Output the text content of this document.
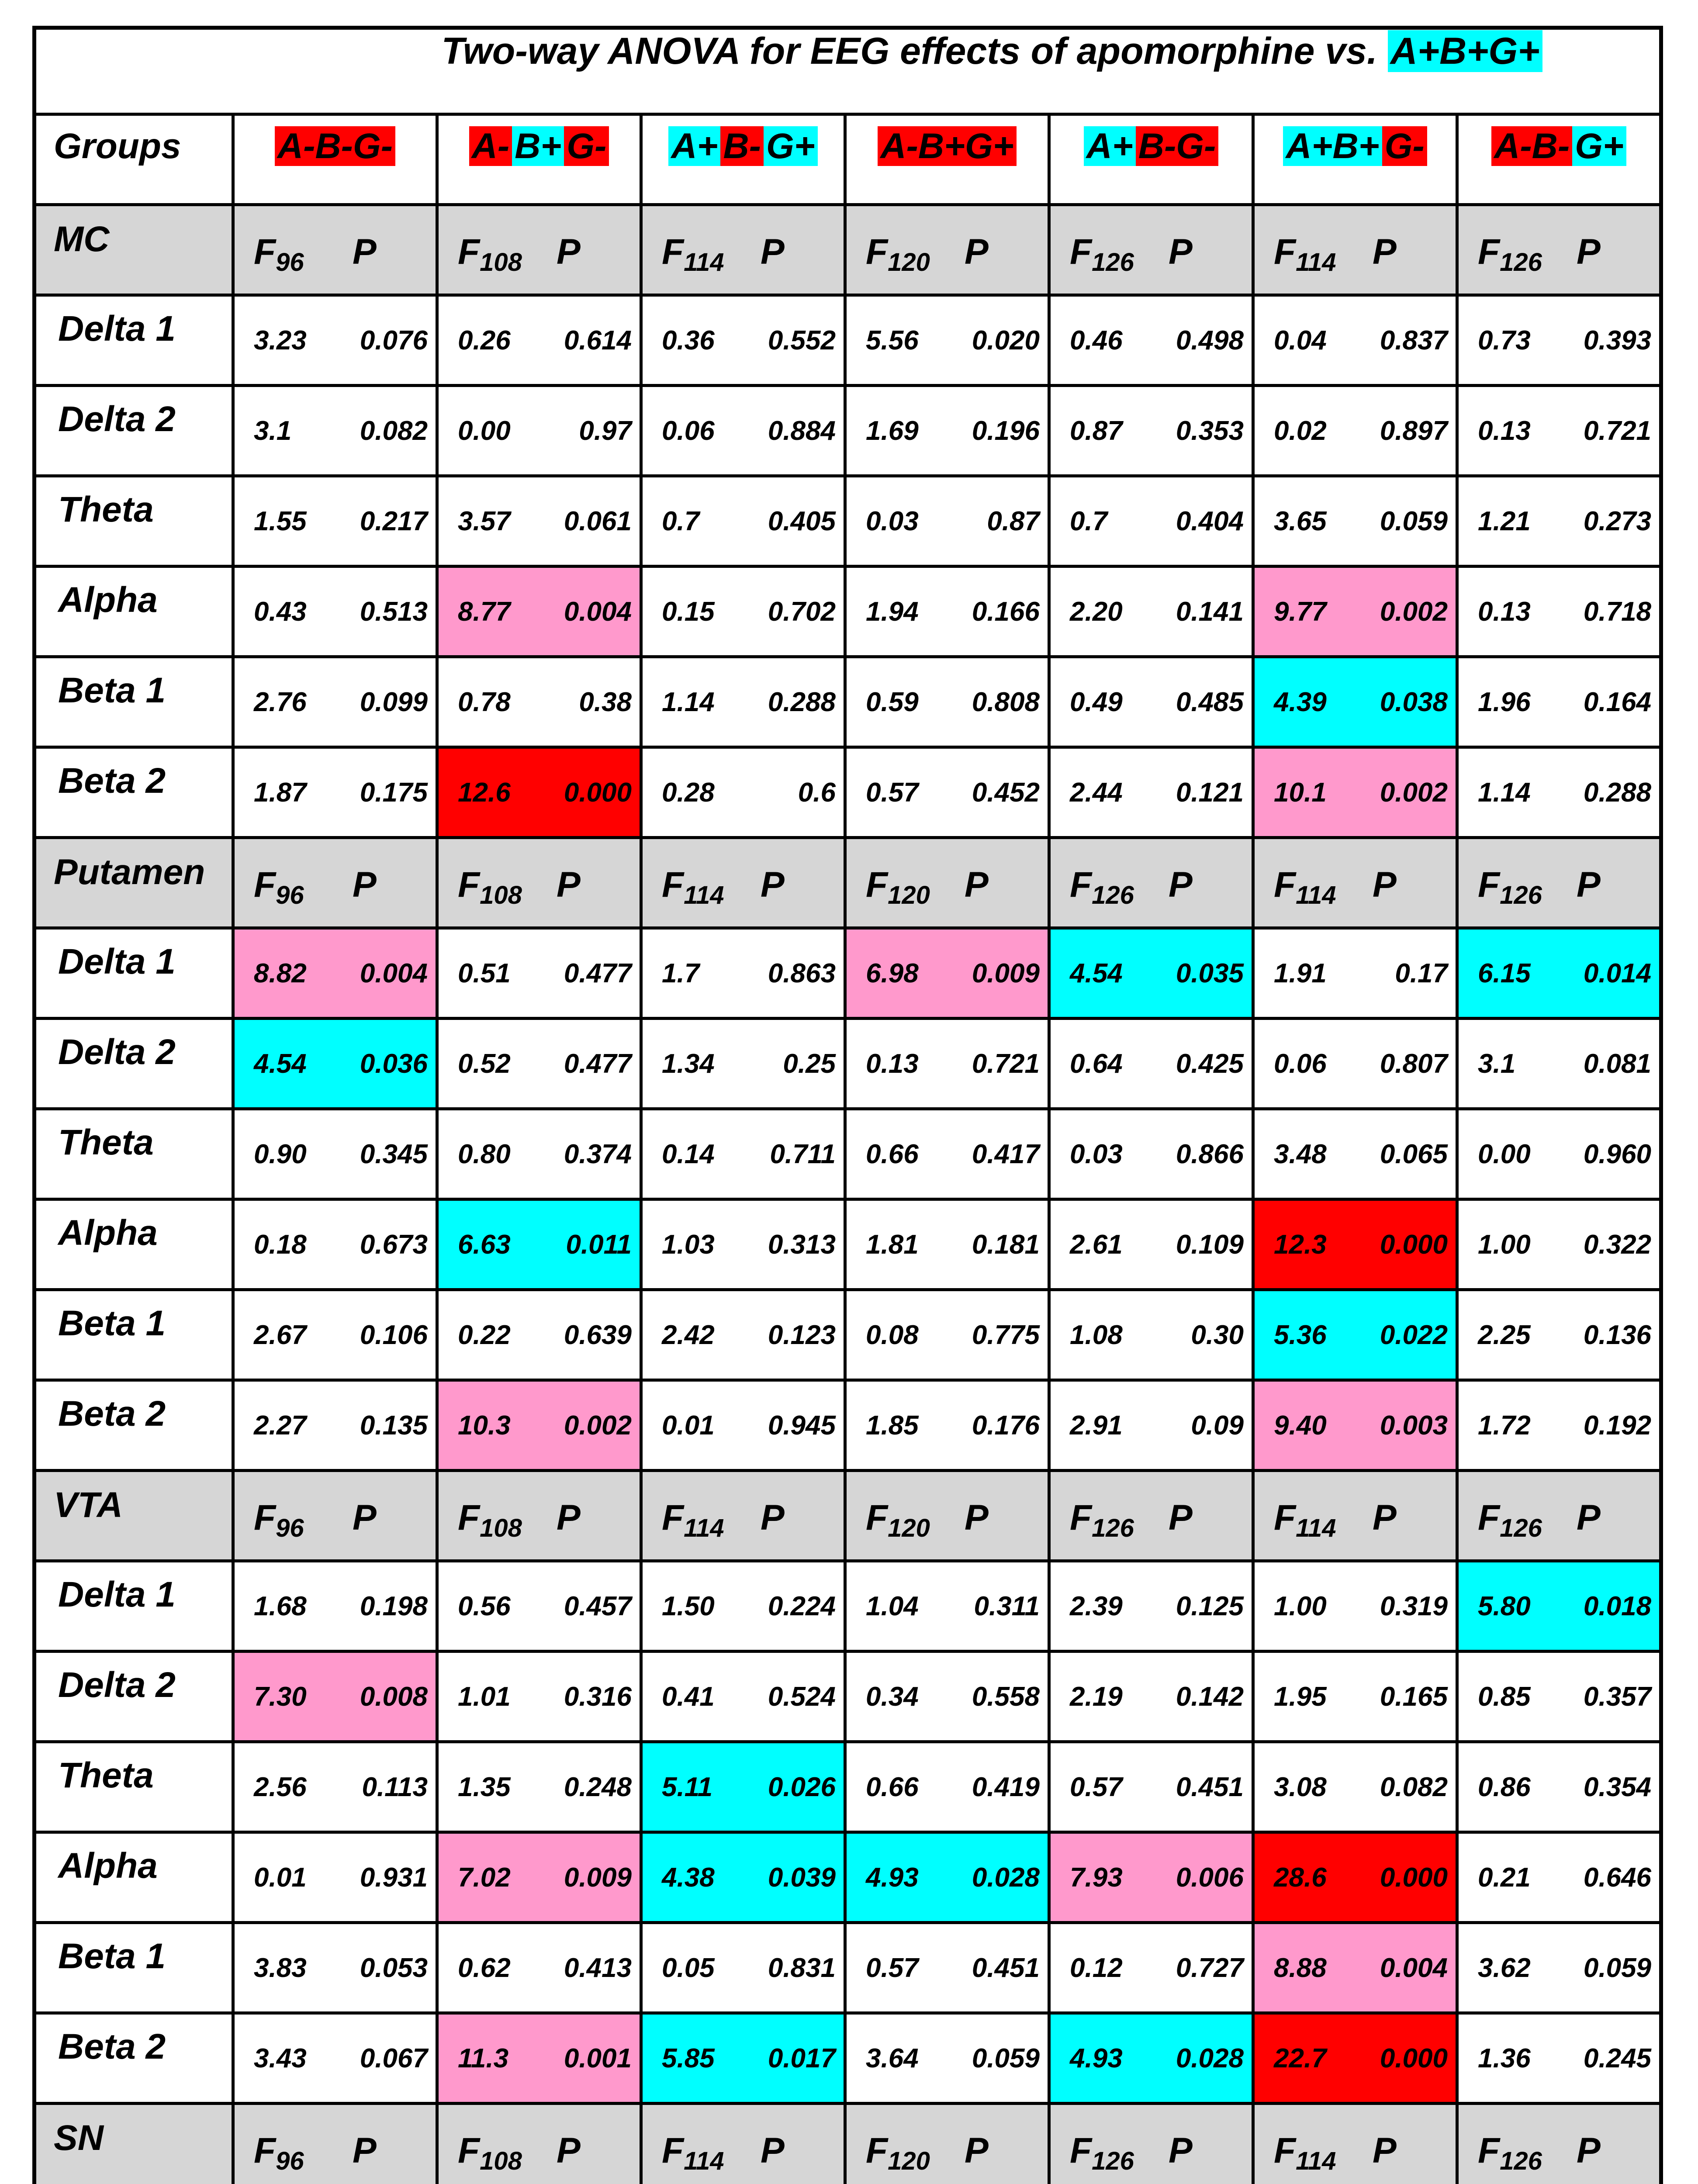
Two-way ANOVA for EEG effects of apomorphine vs. A+B+G+							
Groups	A-B-G-	A- B+ G-	A+ B- G+	A-B+G+	A+ B-G-	A+B+ G-	A-B- G+
MC	$F_{96}$ P	$F_{108}$ P	$F_{114}$ P	$F_{120}$ P	$F_{126}$ P	$F_{114}$ P	$F_{126}$ P

Delta 1	3.23 0.076	0.26 0.614	0.36 0.552	5.56 0.020	0.46 0.498	0.04 0.837	0.73 0.393

Delta 2	3.1 0.082	0.00 0.97	0.06 0.884	1.69 0.196	0.87 0.353	0.02 0.897	0.13 0.721

Theta	1.55 0.217	3.57 0.061	0.7 0.405	0.03 0.87	0.7 0.404	3.65 0.059	1.21 0.273

Alpha	0.43 0.513	8.77 0.004	0.15 0.702	1.94 0.166	2.20 0.141	9.77 0.002	0.13 0.718

Beta 1	2.76 0.099	0.78 0.38	1.14 0.288	0.59 0.808	0.49 0.485	4.39 0.038	1.96 0.164

Beta 2	1.87 0.175	12.6 0.000	0.28 0.6	0.57 0.452	2.44 0.121	10.1 0.002	1.14 0.288

Putamen	$F_{96}$ P	$F_{108}$ P	$F_{114}$ P	$F_{120}$ P	$F_{126}$ P	$F_{114}$ P	$F_{126}$ P

Delta 1	8.82 0.004	0.51 0.477	1.7 0.863	6.98 0.009	4.54 0.035	1.91 0.17	6.15 0.014

Delta 2	4.54 0.036	0.52 0.477	1.34 0.25	0.13 0.721	0.64 0.425	0.06 0.807	3.1 0.081

Theta	0.90 0.345	0.80 0.374	0.14 0.711	0.66 0.417	0.03 0.866	3.48 0.065	0.00 0.960

Alpha	0.18 0.673	6.63 0.011	1.03 0.313	1.81 0.181	2.61 0.109	12.3 0.000	1.00 0.322

Beta 1	2.67 0.106	0.22 0.639	2.42 0.123	0.08 0.775	1.08 0.30	5.36 0.022	2.25 0.136

Beta 2	2.27 0.135	10.3 0.002	0.01 0.945	1.85 0.176	2.91 0.09	9.40 0.003	1.72 0.192

VTA	$F_{96}$ P	$F_{108}$ P	$F_{114}$ P	$F_{120}$ P	$F_{126}$ P	$F_{114}$ P	$F_{126}$ P

Delta 1	1.68 0.198	0.56 0.457	1.50 0.224	1.04 0.311	2.39 0.125	1.00 0.319	5.80 0.018

Delta 2	7.30 0.008	1.01 0.316	0.41 0.524	0.34 0.558	2.19 0.142	1.95 0.165	0.85 0.357

Theta	2.56 0.113	1.35 0.248	5.11 0.026	0.66 0.419	0.57 0.451	3.08 0.082	0.86 0.354

Alpha	0.01 0.931	7.02 0.009	4.38 0.039	4.93 0.028	7.93 0.006	28.6 0.000	0.21 0.646

Beta 1	3.83 0.053	0.62 0.413	0.05 0.831	0.57 0.451	0.12 0.727	8.88 0.004	3.62 0.059

Beta 2	3.43 0.067	11.3 0.001	5.85 0.017	3.64 0.059	4.93 0.028	22.7 0.000	1.36 0.245

SN	$F_{96}$ P	$F_{108}$ P	$F_{114}$ P	$F_{120}$ P	$F_{126}$ P	$F_{114}$ P	$F_{126}$ P
